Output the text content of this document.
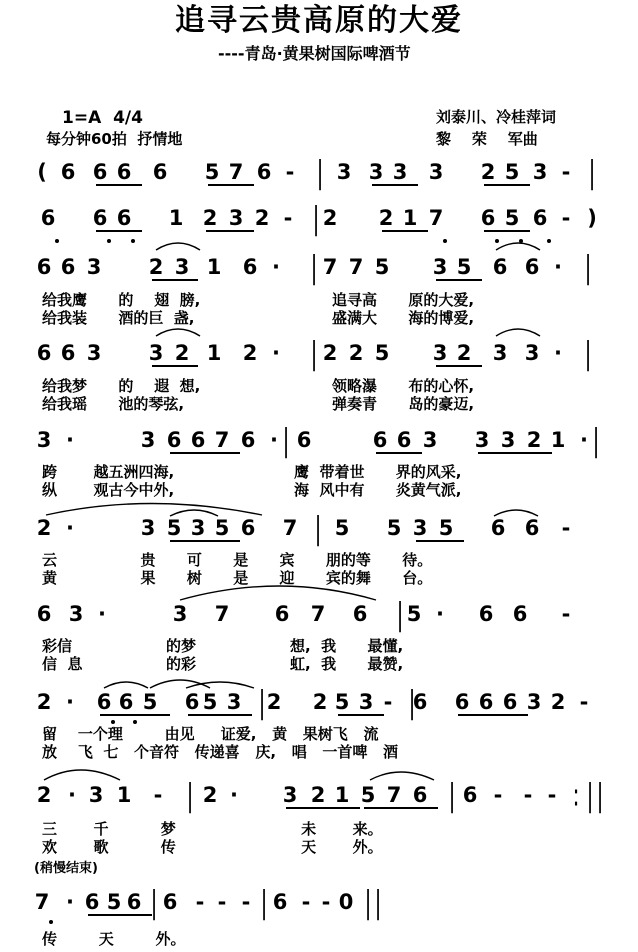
追寻云贵高原的大爱
----青岛·黄果树国际啤酒节
1=A  4/4
每分钟60拍  抒情地
刘泰川、冷桂萍词
黎    荣    军曲
(稍慢结束)
( 6 6 6 6 5 7 6 - | 3 3 3 3 2 5 3 - |
6 6 6 1 2 3 2 - | 2 2 1 7 6 5 6 - )
6 6 3 2 3 1 6 · | 7 7 5 3 5 6 6 · |
6 6 3 3 2 1 2 · | 2 2 5 3 2 3 3 · |
3 ·	3 6 6 7 6 · | 6	6 6 3 3 3 2 1 · |
2 ·	3 5 3 5 6 7 | 5 5 3 5 6 6 -
6 3 ·	3 7 6 7 6 | 5 · 6 6 -
2 · 6 6 5 6 5 3 | 2 2 5 3 - |
6 6 6 6 3 2 -
2 · 3 1 - | 2 · 3 2 1 5 7 6 | 6 - - - : | |
7 · 6 5 6 | 6 - - - | 6 - - 0 | |
给我鹰      的    翅  膀,	追寻高      原的大爱,
给我装      酒的巨  盏,	盛满大      海的博爱,
给我梦      的    遐  想,	领略瀑      布的心怀,
给我瑶      池的琴弦,	弹奏青      岛的豪迈,
跨       越五洲四海,	鹰  带着世      界的风采,
纵       观古今中外,	海  风中有      炎黄气派,
云                贵      可      是      宾      朋的等      待。
黄                果      树      是      迎      宾的舞      台。
彩信                  的梦                  想,  我      最懂,
信  息                的彩                  虹,  我      最赞,
留    一个理        由见     证爱,   黄   果树飞   流
放    飞  七   个音符   传递喜   庆,   唱   一首啤   酒
三       千          梦                        未       来。
欢       歌          传                        天       外。
传        天        外。
